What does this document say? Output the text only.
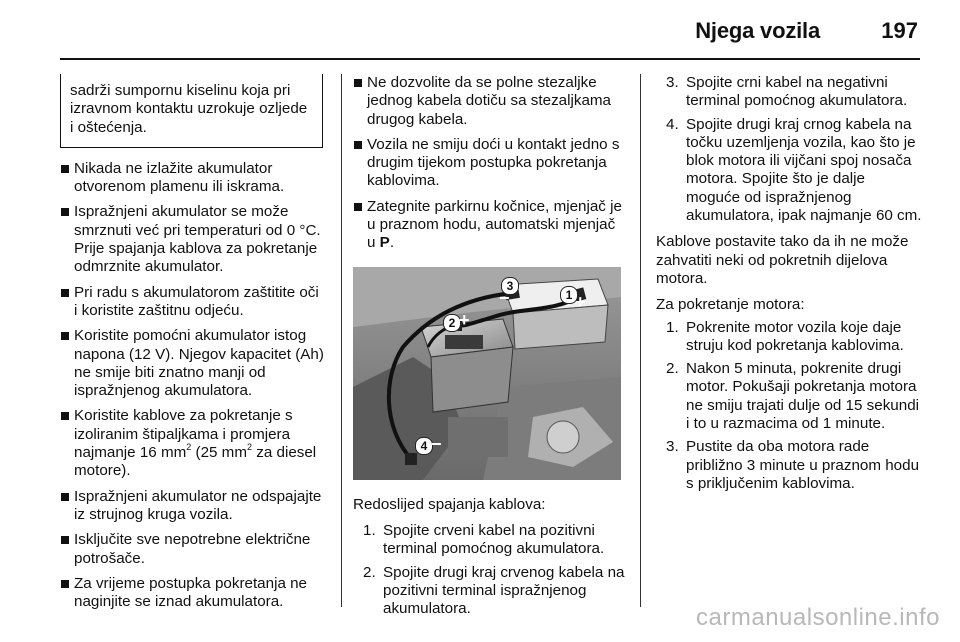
Njega vozila	197
sadrži sumpornu kiselinu koja pri izravnom kontaktu uzrokuje ozljede i oštećenja.
Nikada ne izlažite akumulator otvorenom plamenu ili iskrama.
Ispražnjeni akumulator se može smrznuti već pri temperaturi od 0 °C. Prije spajanja kablova za pokretanje odmrznite akumulator.
Pri radu s akumulatorom zaštitite oči i koristite zaštitnu odjeću.
Koristite pomoćni akumulator istog napona (12 V). Njegov kapacitet (Ah) ne smije biti znatno manji od ispražnjenog akumulatora.
Koristite kablove za pokretanje s izoliranim štipaljkama i promjera najmanje 16 $mm^2$ (25 $mm^2$ za diesel motore).
Ispražnjeni akumulator ne odspajajte iz strujnog kruga vozila.
Isključite sve nepotrebne električne potrošače.
Za vrijeme postupka pokretanja ne naginjite se iznad akumulatora.
Ne dozvolite da se polne stezaljke jednog kabela dotiču sa stezaljkama drugog kabela.
Vozila ne smiju doći u kontakt jedno s drugim tijekom postupka pokretanja kablovima.
Zategnite parkirnu kočnice, mjenjač je u praznom hodu, automatski mjenjač u P.
1 +
2 +
3
−
4 −
Redoslijed spajanja kablova:
1. Spojite crveni kabel na pozitivni terminal pomoćnog akumulatora.
2. Spojite drugi kraj crvenog kabela na pozitivni terminal ispražnjenog akumulatora.
3. Spojite crni kabel na negativni terminal pomoćnog akumulatora.
4. Spojite drugi kraj crnog kabela na točku uzemljenja vozila, kao što je blok motora ili vijčani spoj nosača motora. Spojite što je dalje moguće od ispražnjenog akumulatora, ipak najmanje 60 cm.
Kablove postavite tako da ih ne može zahvatiti neki od pokretnih dijelova motora.
Za pokretanje motora:
1. Pokrenite motor vozila koje daje struju kod pokretanja kablovima.
2. Nakon 5 minuta, pokrenite drugi motor. Pokušaji pokretanja motora ne smiju trajati dulje od 15 sekundi i to u razmacima od 1 minute.
3. Pustite da oba motora rade približno 3 minute u praznom hodu s priključenim kablovima.
carmanualsonline.info
